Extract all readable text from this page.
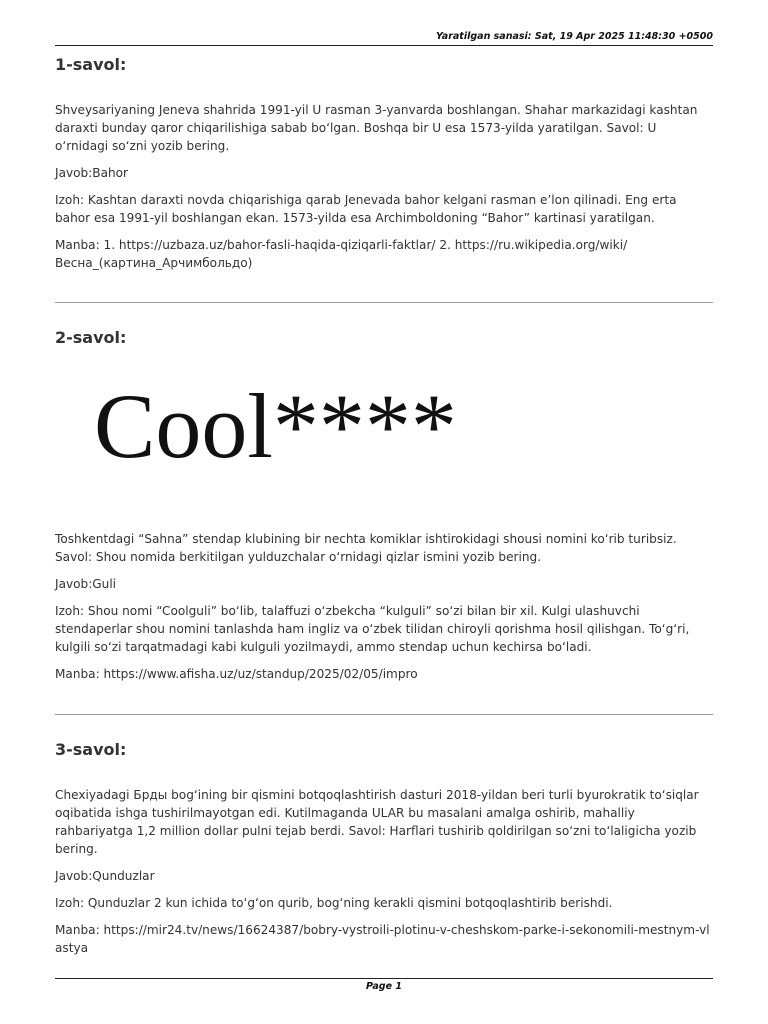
Yaratilgan sanasi: Sat, 19 Apr 2025 11:48:30 +0500
1-savol:

Shveysariyaning Jeneva shahrida 1991-yil U rasman 3-yanvarda boshlangan. Shahar markazidagi kashtan daraxti bunday qaror chiqarilishiga sabab bo‘lgan. Boshqa bir U esa 1573-yilda yaratilgan. Savol: U o‘rnidagi so‘zni yozib bering.

Javob:Bahor

Izoh: Kashtan daraxti novda chiqarishiga qarab Jenevada bahor kelgani rasman e’lon qilinadi. Eng erta bahor esa 1991-yil boshlangan ekan. 1573-yilda esa Archimboldoning “Bahor” kartinasi yaratilgan.

Manba: 1. https://uzbaza.uz/bahor-fasli-haqida-qiziqarli-faktlar/ 2. https://ru.wikipedia.org/wiki/Весна_(картина_Арчимбольдо)

2-savol:
Cool****

Toshkentdagi “Sahna” stendap klubining bir nechta komiklar ishtirokidagi shousi nomini ko‘rib turibsiz. Savol: Shou nomida berkitilgan yulduzchalar o‘rnidagi qizlar ismini yozib bering.

Javob:Guli

Izoh: Shou nomi “Coolguli” bo‘lib, talaffuzi o‘zbekcha “kulguli” so‘zi bilan bir xil. Kulgi ulashuvchi stendaperlar shou nomini tanlashda ham ingliz va o‘zbek tilidan chiroyli qorishma hosil qilishgan. To‘g‘ri, kulgili so‘zi tarqatmadagi kabi kulguli yozilmaydi, ammo stendap uchun kechirsa bo‘ladi.

Manba: https://www.afisha.uz/uz/standup/2025/02/05/impro

3-savol:

Chexiyadagi Брды bog‘ining bir qismini botqoqlashtirish dasturi 2018-yildan beri turli byurokratik to‘siqlar oqibatida ishga tushirilmayotgan edi. Kutilmaganda ULAR bu masalani amalga oshirib, mahalliy rahbariyatga 1,2 million dollar pulni tejab berdi. Savol: Harflari tushirib qoldirilgan so‘zni to‘laligicha yozib bering.

Javob:Qunduzlar

Izoh: Qunduzlar 2 kun ichida to‘g‘on qurib, bog‘ning kerakli qismini botqoqlashtirib berishdi.

Manba: https://mir24.tv/news/16624387/bobry-vystroili-plotinu-v-cheshskom-parke-i-sekonomili-mestnym-vlastya

Page 1
